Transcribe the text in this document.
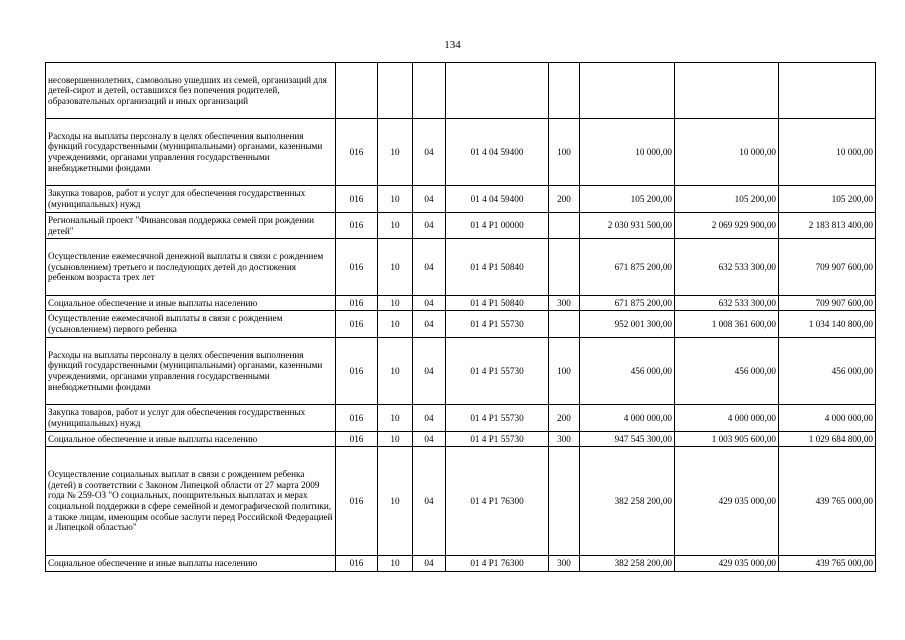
134
несовершеннолетних, самовольно ушедших из семей, организаций для детей-сирот и детей, оставшихся без попечения родителей, образовательных организаций и иных организаций								
Расходы на выплаты персоналу в целях обеспечения выполнения функций государственными (муниципальными) органами, казенными учреждениями, органами управления государственными внебюджетными фондами	016	10	04	01 4 04 59400	100	10 000,00	10 000,00	10 000,00
Закупка товаров, работ и услуг для обеспечения государственных (муниципальных) нужд	016	10	04	01 4 04 59400	200	105 200,00	105 200,00	105 200,00
Региональный проект "Финансовая поддержка семей при рождении детей"	016	10	04	01 4 P1 00000		2 030 931 500,00	2 069 929 900,00	2 183 813 400,00
Осуществление ежемесячной денежной выплаты в связи с рождением (усыновлением) третьего и последующих детей до достижения ребенком возраста трех лет	016	10	04	01 4 P1 50840		671 875 200,00	632 533 300,00	709 907 600,00
Социальное обеспечение и иные выплаты населению	016	10	04	01 4 P1 50840	300	671 875 200,00	632 533 300,00	709 907 600,00
Осуществление ежемесячной выплаты в связи с рождением (усыновлением) первого ребенка	016	10	04	01 4 P1 55730		952 001 300,00	1 008 361 600,00	1 034 140 800,00
Расходы на выплаты персоналу в целях обеспечения выполнения функций государственными (муниципальными) органами, казенными учреждениями, органами управления государственными внебюджетными фондами	016	10	04	01 4 P1 55730	100	456 000,00	456 000,00	456 000,00
Закупка товаров, работ и услуг для обеспечения государственных (муниципальных) нужд	016	10	04	01 4 P1 55730	200	4 000 000,00	4 000 000,00	4 000 000,00
Социальное обеспечение и иные выплаты населению	016	10	04	01 4 P1 55730	300	947 545 300,00	1 003 905 600,00	1 029 684 800,00
Осуществление социальных выплат в связи с рождением ребенка (детей) в соответствии с Законом Липецкой области от 27 марта 2009 года № 259-ОЗ "О социальных, поощрительных выплатах и мерах социальной поддержки в сфере семейной и демографической политики, а также лицам, имеющим особые заслуги перед Российской Федерацией и Липецкой областью"	016	10	04	01 4 P1 76300		382 258 200,00	429 035 000,00	439 765 000,00
Социальное обеспечение и иные выплаты населению	016	10	04	01 4 P1 76300	300	382 258 200,00	429 035 000,00	439 765 000,00
